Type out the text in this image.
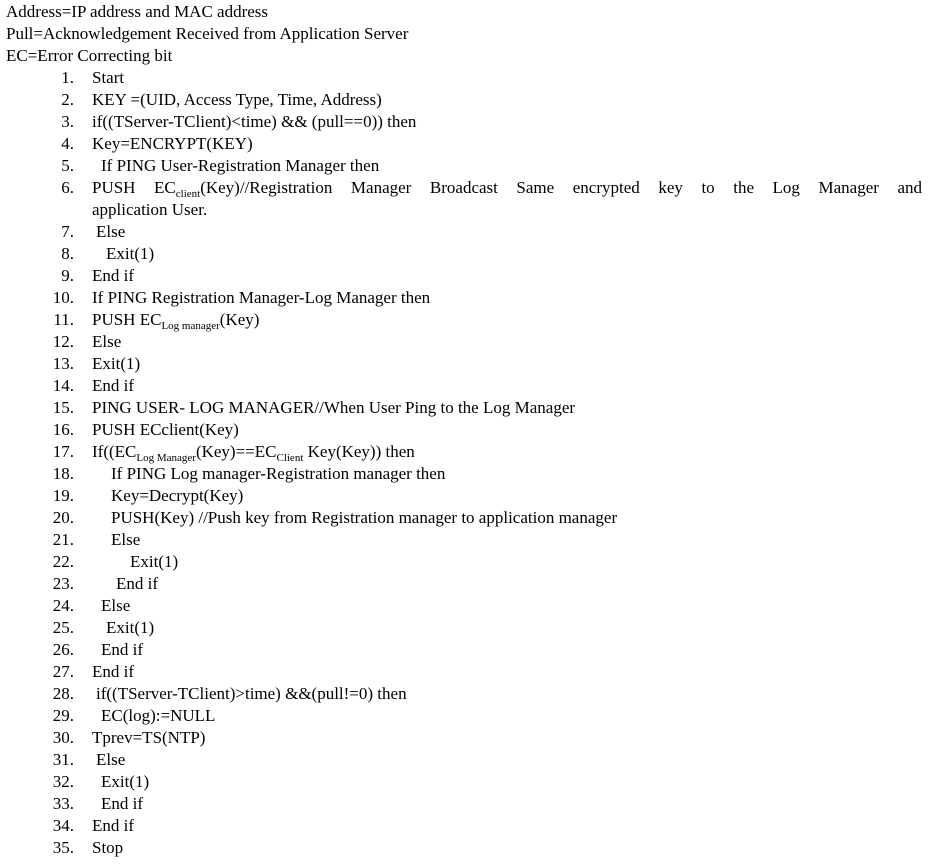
Address=IP address and MAC address
Pull=Acknowledgement Received from Application Server
EC=Error Correcting bit
1. Start
2. KEY =(UID, Access Type, Time, Address)
3. if((TServer-TClient)<time) && (pull==0)) then
4. Key=ENCRYPT(KEY)
5. If PING User-Registration Manager then
6. PUSH $EC_{client}(Key)/$/Registration Manager Broadcast Same encrypted key to the Log Manager and
application User.
7. Else
8. Exit(1)
9. End if
10. If PING Registration Manager-Log Manager then
11. PUSH $EC_{Log manager}(Key)$
12. Else
13. Exit(1)
14. End if
15. PING USER- LOG MANAGER//When User Ping to the Log Manager
16. PUSH ECclient(Key)
17. $If((EC_{Log Manager}(Key)==EC_{Client}$ Key(Key)) then
18. If PING Log manager-Registration manager then
19. Key=Decrypt(Key)
20. PUSH(Key) //Push key from Registration manager to application manager
21. Else
22.	Exit(1)
23. End if
24. Else
25. Exit(1)
26. End if
27. End if
28. if((TServer-TClient)>time) &&(pull!=0) then
29. EC(log):=NULL
30. Tprev=TS(NTP)
31. Else
32. Exit(1)
33. End if
34. End if
35. Stop
